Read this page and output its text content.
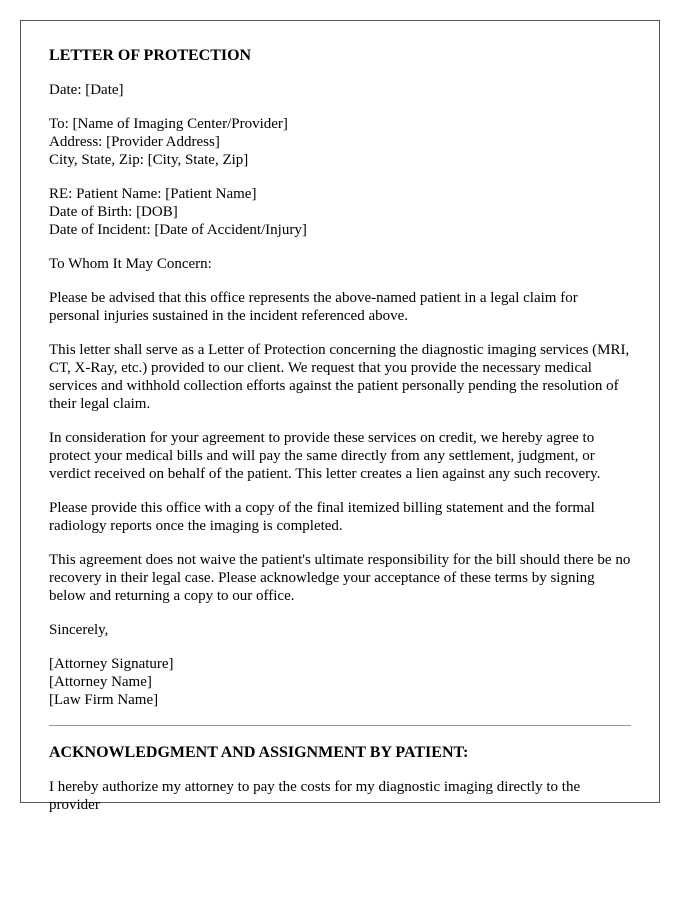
LETTER OF PROTECTION
Date: [Date]
To: [Name of Imaging Center/Provider]
Address: [Provider Address]
City, State, Zip: [City, State, Zip]
RE: Patient Name: [Patient Name]
Date of Birth: [DOB]
Date of Incident: [Date of Accident/Injury]
To Whom It May Concern:
Please be advised that this office represents the above-named patient in a legal claim for personal injuries sustained in the incident referenced above.
This letter shall serve as a Letter of Protection concerning the diagnostic imaging services (MRI, CT, X-Ray, etc.) provided to our client. We request that you provide the necessary medical services and withhold collection efforts against the patient personally pending the resolution of their legal claim.
In consideration for your agreement to provide these services on credit, we hereby agree to protect your medical bills and will pay the same directly from any settlement, judgment, or verdict received on behalf of the patient. This letter creates a lien against any such recovery.
Please provide this office with a copy of the final itemized billing statement and the formal radiology reports once the imaging is completed.
This agreement does not waive the patient's ultimate responsibility for the bill should there be no recovery in their legal case. Please acknowledge your acceptance of these terms by signing below and returning a copy to our office.
Sincerely,
[Attorney Signature]
[Attorney Name]
[Law Firm Name]
ACKNOWLEDGMENT AND ASSIGNMENT BY PATIENT:
I hereby authorize my attorney to pay the costs for my diagnostic imaging directly to the provider
